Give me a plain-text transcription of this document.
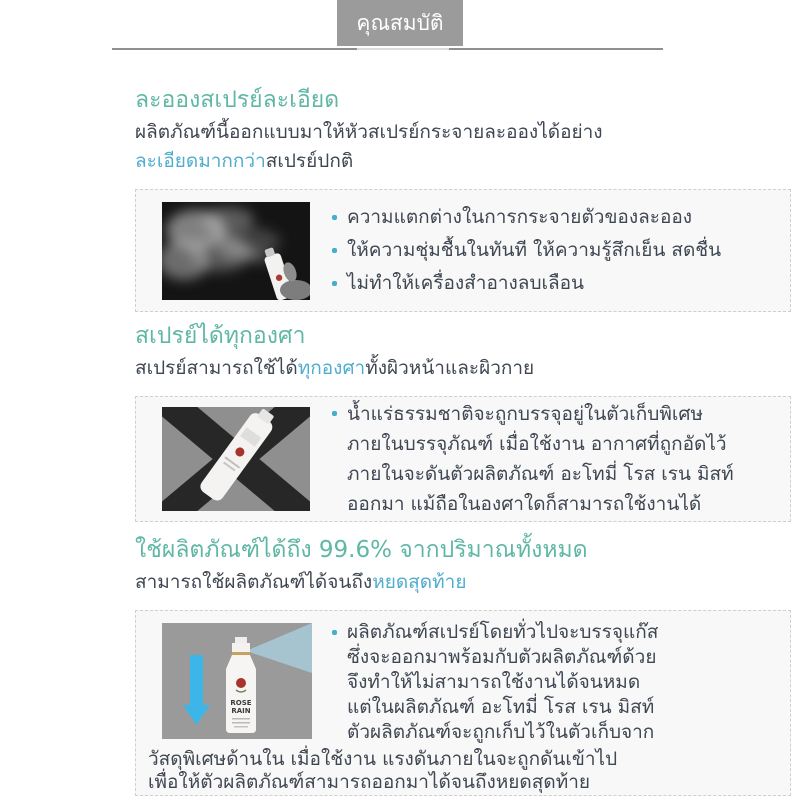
คุณสมบัติ
ละอองสเปรย์ละเอียด

ผลิตภัณฑ์นี้ออกแบบมาให้หัวสเปรย์กระจายละอองได้อย่าง
ละเอียดมากกว่าสเปรย์ปกติ

ความแตกต่างในการกระจายตัวของละออง
ให้ความชุ่มชื้นในทันที ให้ความรู้สึกเย็น สดชื่น
ไม่ทำให้เครื่องสำอางลบเลือน
สเปรย์ได้ทุกองศา

สเปรย์สามารถใช้ได้ทุกองศาทั้งผิวหน้าและผิวกาย

น้ำแร่ธรรมชาติจะถูกบรรจุอยู่ในตัวเก็บพิเศษ
ภายในบรรจุภัณฑ์ เมื่อใช้งาน อากาศที่ถูกอัดไว้
ภายในจะดันตัวผลิตภัณฑ์ อะโทมี่ โรส เรน มิสท์
ออกมา แม้ถือในองศาใดก็สามารถใช้งานได้
ใช้ผลิตภัณฑ์ได้ถึง 99.6% จากปริมาณทั้งหมด

สามารถใช้ผลิตภัณฑ์ได้จนถึงหยดสุดท้าย

ROSE
RAIN
ผลิตภัณฑ์สเปรย์โดยทั่วไปจะบรรจุแก๊ส
ซึ่งจะออกมาพร้อมกับตัวผลิตภัณฑ์ด้วย
จึงทำให้ไม่สามารถใช้งานได้จนหมด
แต่ในผลิตภัณฑ์ อะโทมี่ โรส เรน มิสท์
ตัวผลิตภัณฑ์จะถูกเก็บไว้ในตัวเก็บจาก
วัสดุพิเศษด้านใน เมื่อใช้งาน แรงดันภายในจะถูกดันเข้าไป
เพื่อให้ตัวผลิตภัณฑ์สามารถออกมาได้จนถึงหยดสุดท้าย
